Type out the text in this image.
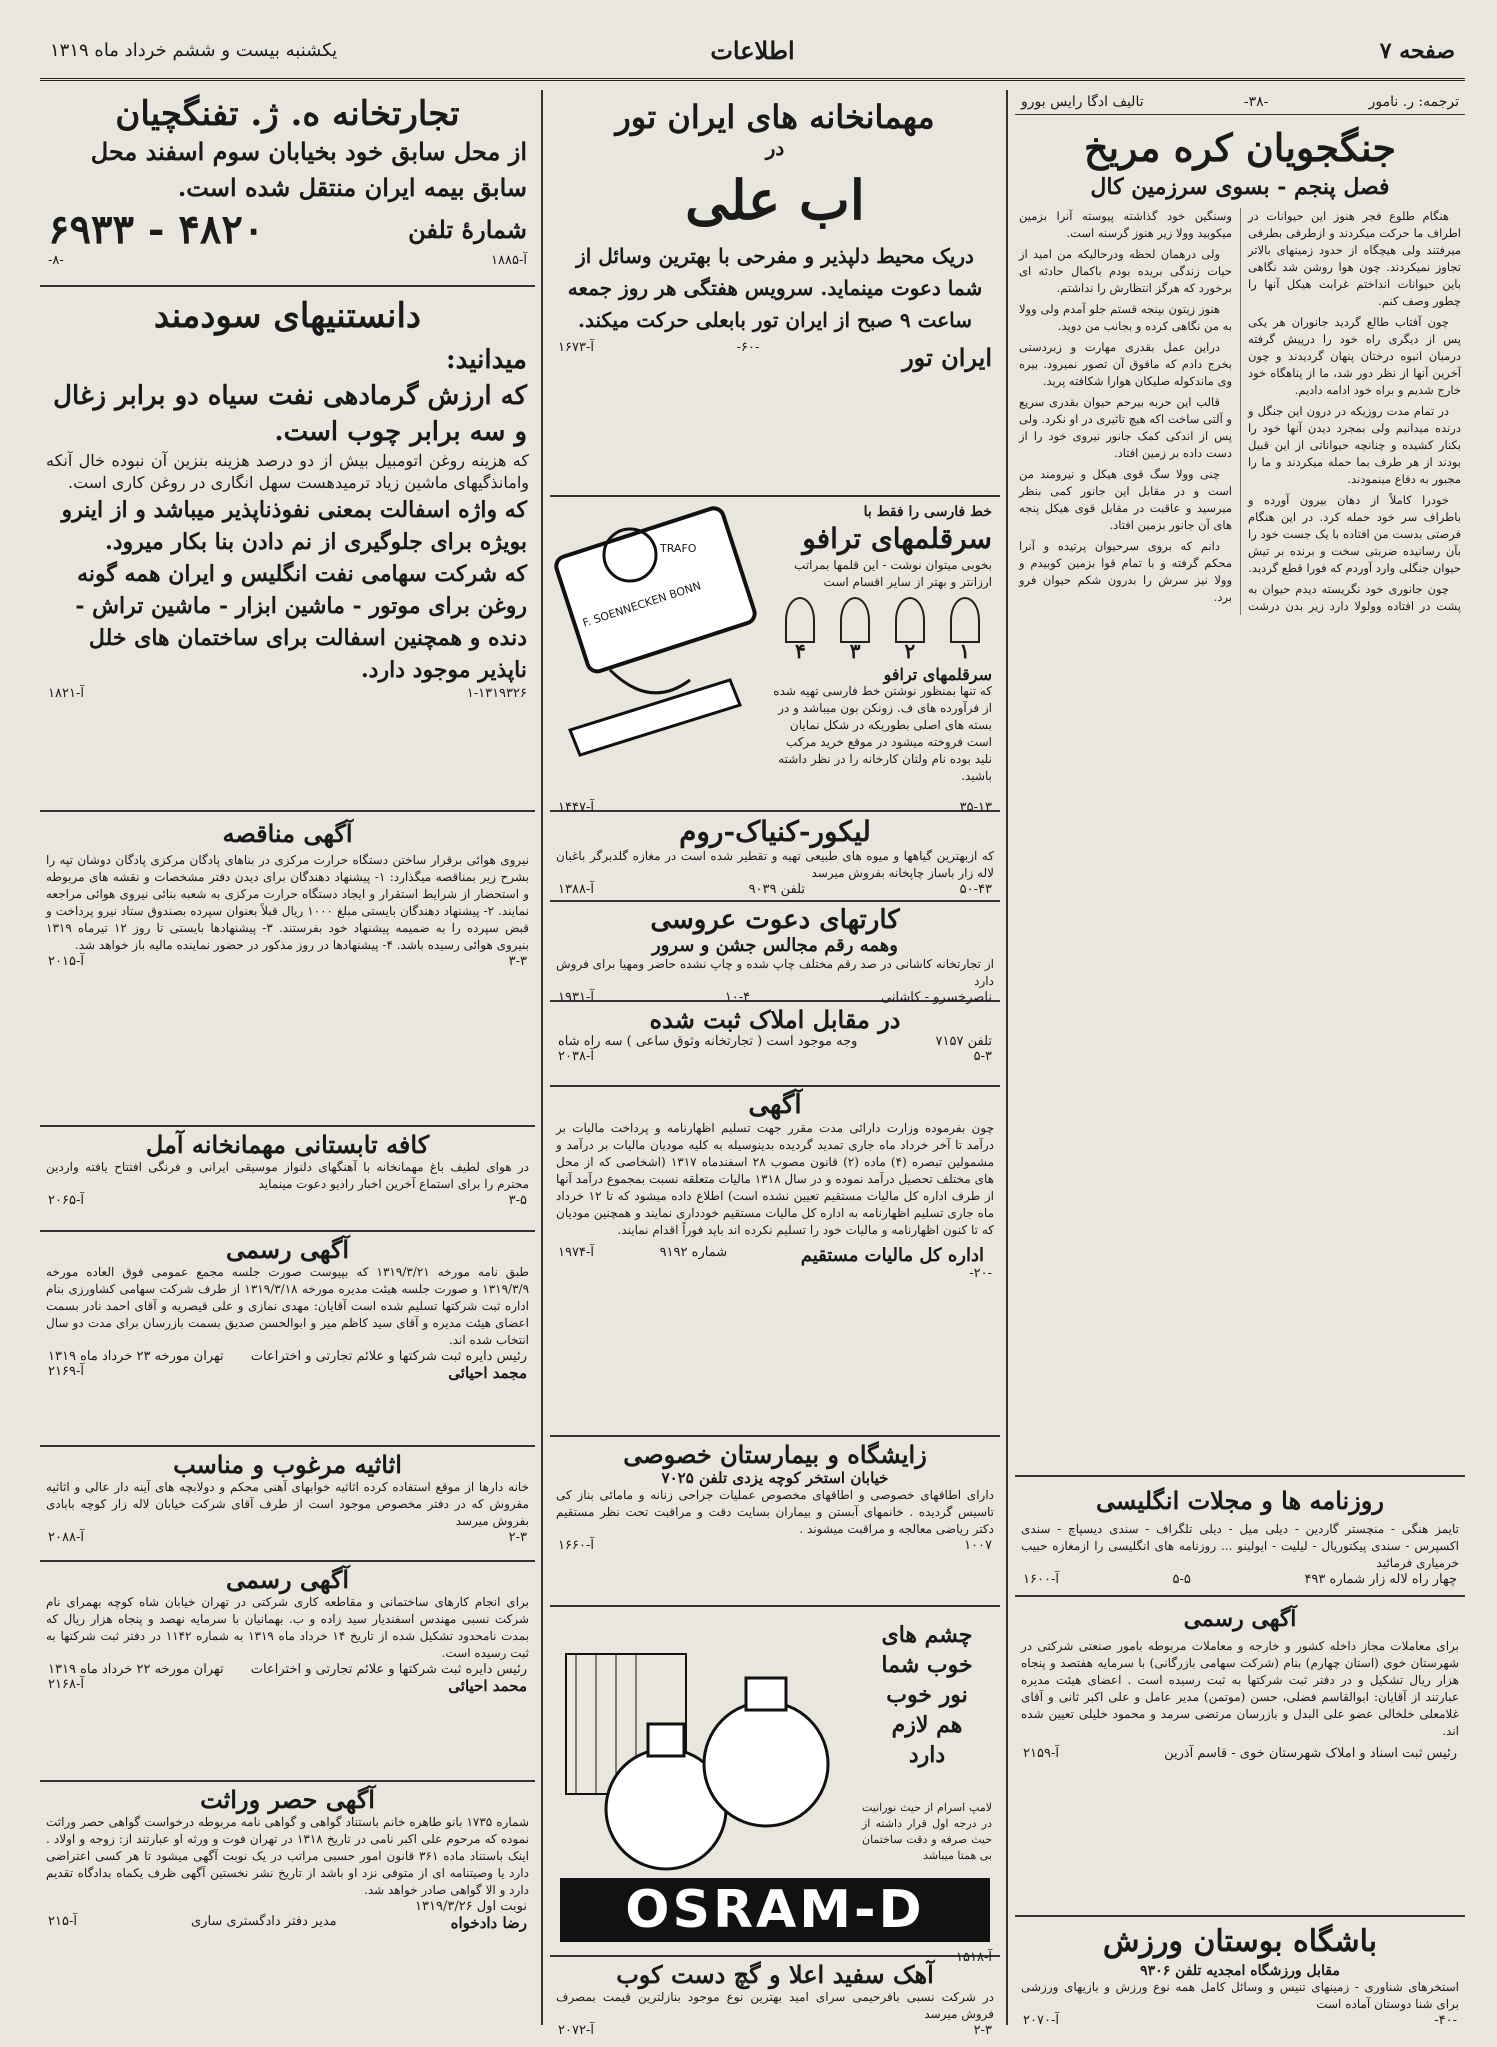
صفحه ۷
اطلاعات
یکشنبه بیست و ششم خرداد ماه ۱۳۱۹
ترجمه: ر. نامور
-۳۸-
تالیف ادگا رایس بورو
جنگجویان کره مریخ
فصل پنجم - بسوی سرزمین کال

هنگام طلوع فجر هنوز این حیوانات در اطراف ما حرکت میکردند و ازطرفی بطرفی میرفتند ولی هیچگاه از حدود زمینهای بالاتر تجاوز نمیکردند. چون هوا روشن شد نگاهی باین حیوانات انداختم غرابت هیکل آنها را چطور وصف کنم.

چون آفتاب طالع گردید جانوران هر یکی پس از دیگری راه خود را درپیش گرفته درمیان انبوه درختان پنهان گردیدند و چون آخرین آنها از نظر دور شد، ما از پناهگاه خود خارج شدیم و براه خود ادامه دادیم.

در تمام مدت روزیکه در درون این جنگل و درنده میدانیم ولی بمجرد دیدن آنها خود را بکنار کشیده و چنانچه حیواناتی از این قبیل بودند از هر طرف بما حمله میکردند و ما را مجبور به دفاع مینمودند.

خودرا کاملاً از دهان بیرون آورده و باطراف سر خود حمله کرد. در این هنگام فرصتی بدست من افتاده با یک جست خود را بآن رسانیده ضربتی سخت و برنده بر تیش حیوان جنگلی وارد آوردم که فورا قطع گردید.

چون جانوری خود نگریسته دیدم حیوان به پشت در افتاده وولولا دارد زیر بدن درشت وسنگین خود گذاشته پیوسته آنرا بزمین میکوبید وولا زیر هنوز گرسنه است.

ولی درهمان لحظه ودرحالیکه من امید از حیات زندگی بریده بودم باکمال حادثه ای برخورد که هرگز انتظارش را نداشتم.

هنوز زیتون بپنجه قستم جلو آمدم ولی وولا به من نگاهی کرده و بجانب من دوید.

دراین عمل بقدری مهارت و زبردستی بخرج دادم که مافوق آن تصور نمیرود. بیره وی ماندکوله صلیکان هوارا شکافته پرید.

قالب این حربه بیرحم حیوان بقدری سریع و آلتی ساخت اکه هیچ تاثیری در او نکرد. ولی پس از اندکی کمک جانور نیروی خود را از دست داده بر زمین افتاد.

چنی وولا سگ قوی هیکل و نیرومند من است و در مقابل این جانور کمی بنظر میرسید و عاقبت در مقابل قوی هیکل پنجه های آن جانور بزمین افتاد.

دانم که بروی سرحیوان پرتیده و آنرا محکم گرفته و با تمام قوا بزمین کوبیدم و وولا نیز سرش را بدرون شکم حیوان فرو برد.

روزنامه ها و مجلات انگلیسی
تایمز هنگی - منچستر گاردین - دیلی میل - دیلی تلگراف - سندی دیسپاچ - سندی اکسپرس - سندی پیکتوریال - لیلیت - ایولینو ... روزنامه های انگلیسی را ازمغازه حبیب خرمیاری فرمائید
چهار راه لاله زار شماره ۴۹۳
۵-۵
آ-۱۶۰۰
آگهی رسمی
برای معاملات مجاز داخله کشور و خارجه و معاملات مربوطه بامور صنعتی شرکتی در شهرستان خوی (استان چهارم) بنام (شرکت سهامی بازرگانی) با سرمایه هفتصد و پنجاه هزار ریال تشکیل و در دفتر ثبت شرکتها به ثبت رسیده است . اعضای هیئت مدیره عبارتند از آقایان: ابوالقاسم فضلی، حسن (موتمن) مدیر عامل و علی اکبر ثانی و آقای غلامعلی خلخالی عضو علی البدل و بازرسان مرتضی سرمد و محمود خلیلی تعیین شده اند.
رئیس ثبت اسناد و املاک شهرستان خوی - قاسم آذرین
آ-۲۱۵۹
باشگاه بوستان ورزش
مقابل ورزشگاه امجدیه تلفن ۹۳۰۶
استخرهای شناوری - زمینهای تنیس و وسائل کامل همه نوع ورزش و بازیهای ورزشی برای شنا دوستان آماده است
-۴۰-
آ-۲۰۷۰
مهمانخانه های ایران تور
در
اب علی
دریک محیط دلپذیر و مفرحی با بهترین وسائل از شما دعوت مینماید. سرویس هفتگی هر روز جمعه ساعت ۹ صبح از ایران تور بابعلی حرکت میکند.
ایران تور
-۶۰-
آ-۱۶۷۳
خط فارسی را فقط با
سرقلمهای ترافو
بخوبی میتوان نوشت - این قلمها بمراتب ارزانتر و بهتر از سایر اقسام است
۱
۲
۳
۴
سرقلمهای ترافو
که تنها بمنظور نوشتن خط فارسی تهیه شده از فرآورده های ف. زونکن بون میباشد و در بسته های اصلی بطوریکه در شکل نمایان است فروخته میشود در موقع خرید مرکب نلید بوده نام ولتان کارخانه را در نظر داشته باشید.
F. SOENNECKEN BONN
TRAFO
۳۵-۱۳
آ-۱۴۴۷
لیکور-کنیاک-روم
که ازبهترین گیاهها و میوه های طبیعی تهیه و تقطیر شده است در مغازه گلدبرگر باغبان لاله زار باساز چاپخانه بفروش میرسد
۵۰-۴۳
تلفن ۹۰۳۹
آ-۱۳۸۸
کارتهای دعوت عروسی
وهمه رقم مجالس جشن و سرور
از تجارتخانه کاشانی در صد رقم مختلف چاپ شده و چاپ نشده حاضر ومهیا برای فروش دارد
ناصرخسرو - کاشانی
۱۰-۴
آ-۱۹۳۱
در مقابل املاک ثبت شده
تلفن ۷۱۵۷
وجه موجود است ( تجارتخانه وثوق ساعی ) سه راه شاه
۵-۳
آ-۲۰۳۸
آگهی
چون بفرموده وزارت دارائی مدت مقرر جهت تسلیم اظهارنامه و پرداخت مالیات بر درآمد تا آخر خرداد ماه جاری تمدید گردیده بدینوسیله به کلیه مودیان مالیات بر درآمد و مشمولین تبصره (۴) ماده (۲) قانون مصوب ۲۸ اسفندماه ۱۳۱۷ (اشخاصی که از محل های مختلف تحصیل درآمد نموده و در سال ۱۳۱۸ مالیات متعلقه نسبت بمجموع درآمد آنها از طرف اداره کل مالیات مستقیم تعیین نشده است) اطلاع داده میشود که تا ۱۲ خرداد ماه جاری تسلیم اظهارنامه به اداره کل مالیات مستقیم خودداری نمایند و همچنین مودیان که تا کنون اظهارنامه و مالیات خود را تسلیم نکرده اند باید فوراً اقدام نمایند.
اداره کل مالیات مستقیم
شماره ۹۱۹۲
آ-۱۹۷۴
-۲۰-
زایشگاه و بیمارستان خصوصی
خیابان استخر کوچه یزدی تلفن ۷۰۲۵
دارای اطاقهای خصوصی و اطاقهای مخصوص عملیات جراحی زنانه و مامائی بناز کی تاسیس گردیده . خانمهای آبستن و بیماران بسایت دقت و مراقبت تحت نظر مستقیم دکتر ریاضی معالجه و مراقبت میشوند .
۱۰۰۷
آ-۱۶۶۰
چشم های
خوب شما
نور خوب
هم لازم
دارد
لامپ اسرام از حیث نورانیت در درجه اول قرار داشته از حیث صرفه و دقت ساختمان بی همتا میباشد
OSRAM-D
آ-۱۵۱۸
آهک سفید اعلا و گچ دست کوب
در شرکت نسبی بافرحیمی سرای امید بهترین نوع موجود بنازلترین قیمت بمصرف فروش میرسد
۲-۳
آ-۲۰۷۲
تجارتخانه ه. ژ. تفنگچیان
از محل سابق خود بخیابان سوم اسفند محل سابق بیمه ایران منتقل شده است.
شمارهٔ تلفن
۴۸۲۰ - ۶۹۳۳
آ-۱۸۸۵
-۸-
دانستنیهای سودمند
میدانید:
که ارزش گرمادهی نفت سیاه دو برابر زغال و سه برابر چوب است.
که هزینه روغن اتومبیل بیش از دو درصد هزینه بنزین آن نبوده خال آنکه وامانذگیهای ماشین زیاد ترمیدهست سهل انگاری در روغن کاری است.
که واژه اسفالت بمعنی نفوذناپذیر میباشد و از اینرو بویژه برای جلوگیری از نم دادن بنا بکار میرود.
که شرکت سهامی نفت انگلیس و ایران همه گونه روغن برای موتور - ماشین ابزار - ماشین تراش - دنده و همچنین اسفالت برای ساختمان های خلل ناپذیر موجود دارد.
۱-۱۳۱۹۳۲۶
آ-۱۸۲۱
آگهی مناقصه
نیروی هوائی برقرار ساختن دستگاه حرارت مرکزی در بناهای پادگان مرکزی پادگان دوشان تپه را بشرح زیر بمناقصه میگذارد: ۱- پیشنهاد دهندگان برای دیدن دفتر مشخصات و نقشه های مربوطه و استحضار از شرایط استقرار و ایجاد دستگاه حرارت مرکزی به شعبه بنائی نیروی هوائی مراجعه نمایند. ۲- پیشنهاد دهندگان بایستی مبلغ ۱۰۰۰ ریال قبلاً بعنوان سپرده بصندوق ستاد نیرو پرداخت و قبض سپرده را به ضمیمه پیشنهاد خود بفرستند. ۳- پیشنهادها بایستی تا روز ۱۲ تیرماه ۱۳۱۹ بنیروی هوائی رسیده باشد. ۴- پیشنهادها در روز مذکور در حضور نماینده مالیه باز خواهد شد.
۳-۳
آ-۲۰۱۵
کافه تابستانی مهمانخانه آمل
در هوای لطیف باغ مهمانخانه با آهنگهای دلنواز موسیقی ایرانی و فرنگی افتتاح یافته واردین محترم را برای استماع آخرین اخبار رادیو دعوت مینماید
۳-۵
آ-۲۰۶۵
آگهی رسمی
طبق نامه مورخه ۱۳۱۹/۳/۲۱ که بپیوست صورت جلسه مجمع عمومی فوق العاده مورخه ۱۳۱۹/۳/۹ و صورت جلسه هیئت مدیره مورخه ۱۳۱۹/۳/۱۸ از طرف شرکت سهامی کشاورزی بنام اداره ثبت شرکتها تسلیم شده است آقایان: مهدی نمازی و علی قیصریه و آقای احمد نادر بسمت اعضای هیئت مدیره و آقای سید کاظم میر و ابوالحسن صدیق بسمت بازرسان برای مدت دو سال انتخاب شده اند.
رئیس دایره ثبت شرکتها و علائم تجارتی و اختراعات
تهران مورخه ۲۳ خرداد ماه ۱۳۱۹
مجمد احیائی
آ-۲۱۶۹
اثاثیه مرغوب و مناسب
خانه دارها از موقع استفاده کرده اثاثیه خوابهای آهنی محکم و دولابچه های آینه دار عالی و اثاثیه مفروش که در دفتر مخصوص موجود است از طرف آقای شرکت خیابان لاله زار کوچه بابادی بفروش میرسد
۲-۳
آ-۲۰۸۸
آگهی رسمی
برای انجام کارهای ساختمانی و مقاطعه کاری شرکتی در تهران خیابان شاه کوچه بهمرای نام شرکت نسبی مهندس اسفندیار سید زاده و ب. بهمانیان با سرمایه نهصد و پنجاه هزار ریال که بمدت نامحدود تشکیل شده از تاریخ ۱۴ خرداد ماه ۱۳۱۹ به شماره ۱۱۴۲ در دفتر ثبت شرکتها به ثبت رسیده است.
رئیس دایره ثبت شرکتها و علائم تجارتی و اختراعات
تهران مورخه ۲۲ خرداد ماه ۱۳۱۹
محمد احیائی
آ-۲۱۶۸
آگهی حصر وراثت
شماره ۱۷۳۵ بانو طاهره خانم باستناد گواهی و گواهی نامه مربوطه درخواست گواهی حصر وراثت نموده که مرحوم علی اکبر نامی در تاریخ ۱۳۱۸ در تهران فوت و ورثه او عبارتند از: زوجه و اولاد . اینک باستناد ماده ۳۶۱ قانون امور حسبی مراتب در یک نوبت آگهی میشود تا هر کسی اعتراضی دارد یا وصیتنامه ای از متوفی نزد او باشد از تاریخ نشر نخستین آگهی ظرف یکماه بدادگاه تقدیم دارد و الا گواهی صادر خواهد شد.
نوبت اول ۱۳۱۹/۳/۲۶
رضا دادخواه
مدیر دفتر دادگستری ساری
آ-۲۱۵
